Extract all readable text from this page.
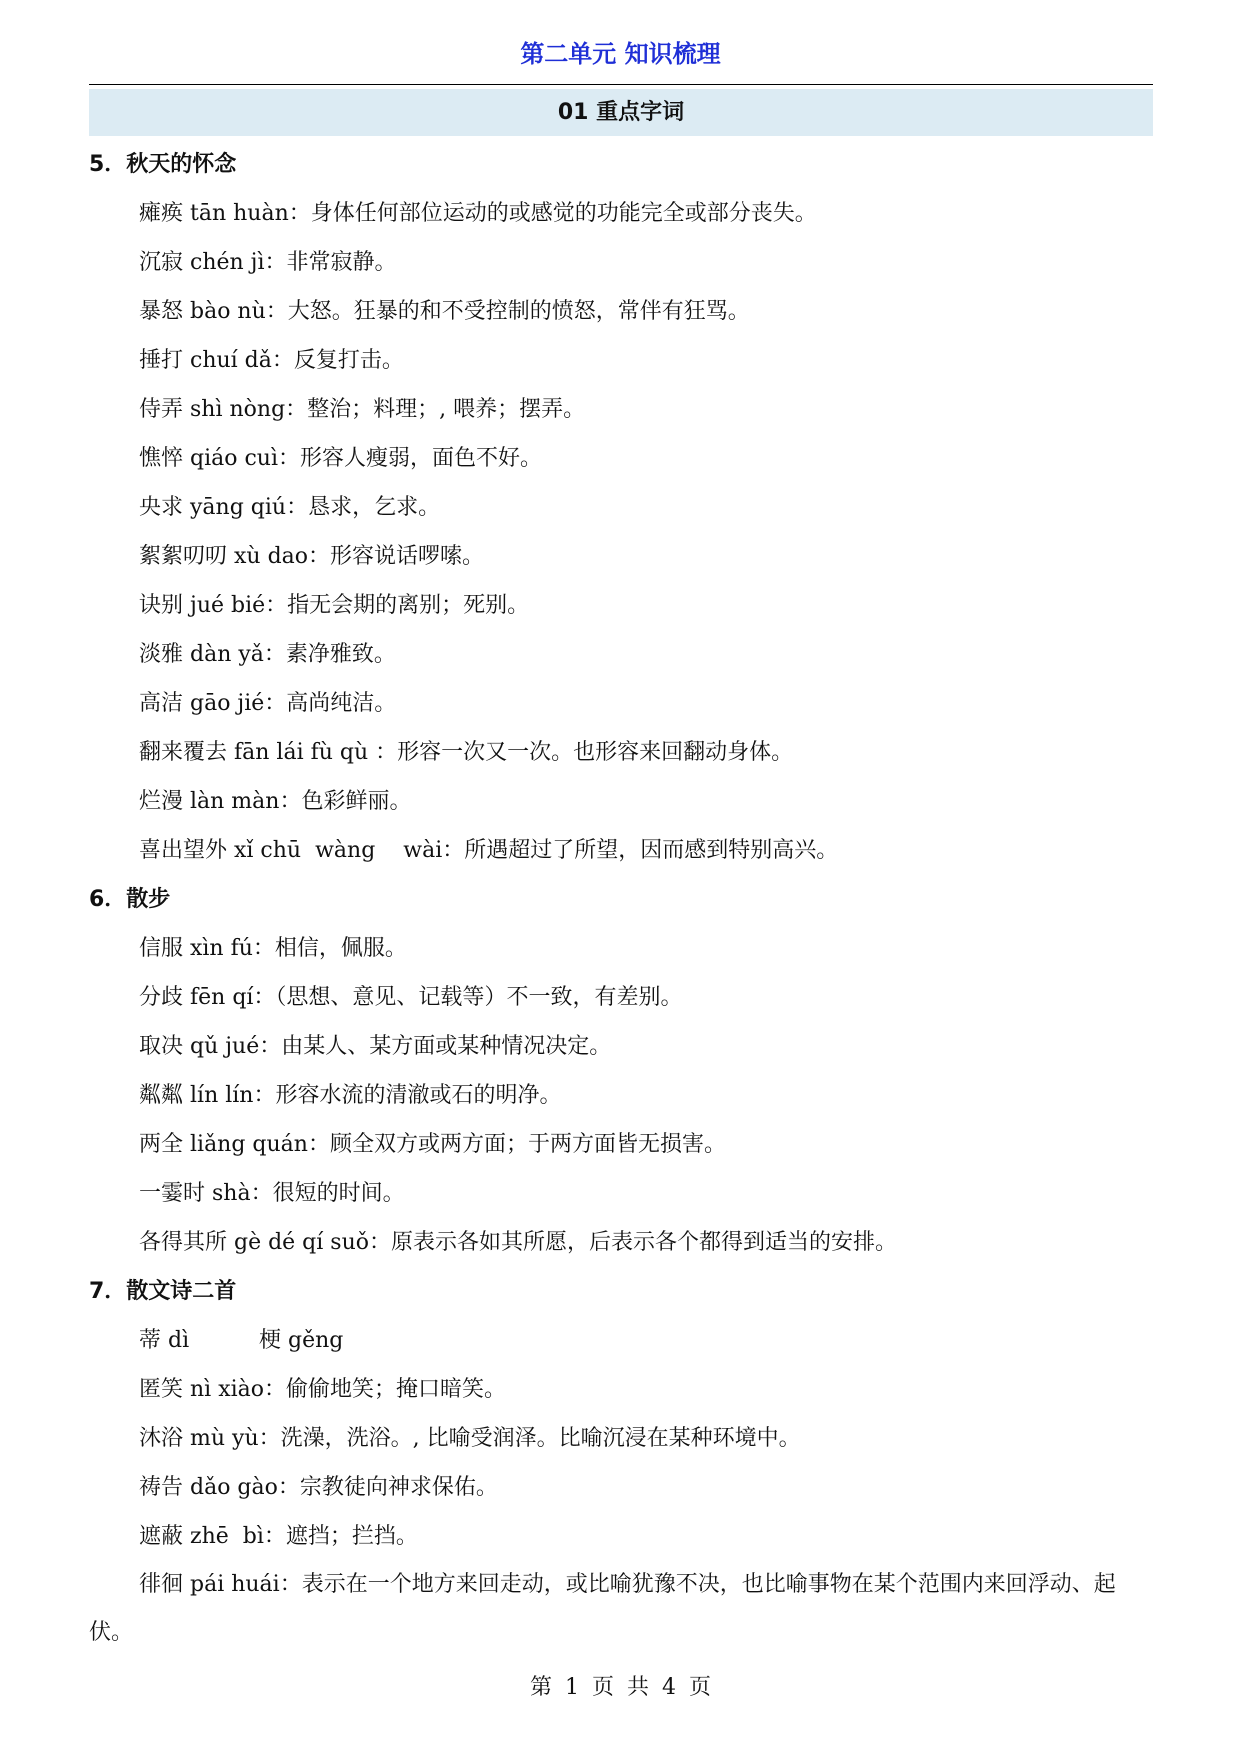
第二单元 知识梳理
01 重点字词

5．秋天的怀念

瘫痪 tān huàn：身体任何部位运动的或感觉的功能完全或部分丧失。

沉寂 chén jì：非常寂静。

暴怒 bào nù：大怒。狂暴的和不受控制的愤怒，常伴有狂骂。

捶打 chuí dǎ：反复打击。

侍弄 shì nòng：整治；料理；, 喂养；摆弄。

憔悴 qiáo cuì：形容人瘦弱，面色不好。

央求 yāng qiú：恳求，乞求。

絮絮叨叨 xù dao：形容说话啰嗦。

诀别 jué bié：指无会期的离别；死别。

淡雅 dàn yǎ：素净雅致。

高洁 gāo jié：高尚纯洁。

翻来覆去 fān lái fù qù ：形容一次又一次。也形容来回翻动身体。

烂漫 làn màn：色彩鲜丽。

喜出望外 xǐ chū  wàng    wài：所遇超过了所望，因而感到特别高兴。

6．散步

信服 xìn fú：相信，佩服。

分歧 fēn qí：（思想、意见、记载等）不一致，有差别。

取决 qǔ jué：由某人、某方面或某种情况决定。

粼粼 lín lín：形容水流的清澈或石的明净。

两全 liǎng quán：顾全双方或两方面；于两方面皆无损害。

一霎时 shà：很短的时间。

各得其所 gè dé qí suǒ：原表示各如其所愿，后表示各个都得到适当的安排。

7．散文诗二首

蒂 dì          梗 gěng

匿笑 nì xiào：偷偷地笑；掩口暗笑。

沐浴 mù yù：洗澡，洗浴。, 比喻受润泽。比喻沉浸在某种环境中。

祷告 dǎo gào：宗教徒向神求保佑。

遮蔽 zhē  bì：遮挡；拦挡。

徘徊 pái huái：表示在一个地方来回走动，或比喻犹豫不决，也比喻事物在某个范围内来回浮动、起伏。

第 1 页 共 4 页
